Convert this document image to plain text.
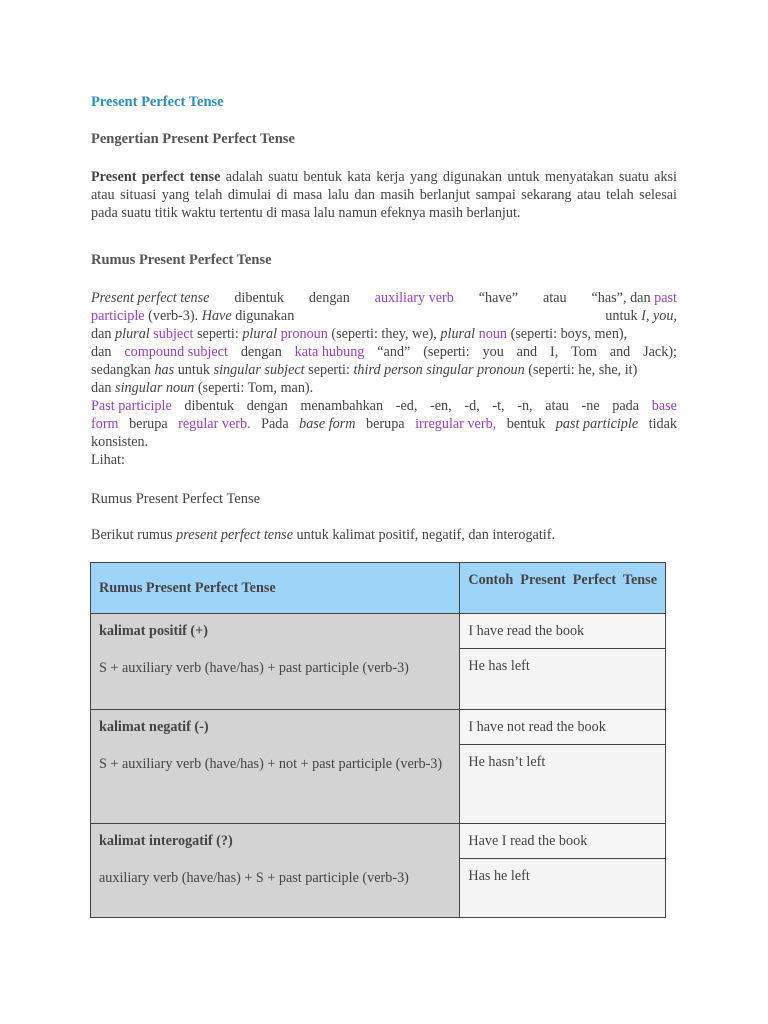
Present Perfect Tense
Pengertian Present Perfect Tense
Present perfect tense adalah suatu bentuk kata kerja yang digunakan untuk menyatakan suatu aksi atau situasi yang telah dimulai di masa lalu dan masih berlanjut sampai sekarang atau telah selesai pada suatu titik waktu tertentu di masa lalu namun efeknya masih berlanjut.
Rumus Present Perfect Tense
Present perfect tense dibentuk dengan auxiliary verb “have” atau “has”, dan past
participle (verb-3). Have digunakan	untuk I, you,
dan plural subject seperti: plural pronoun (seperti: they, we), plural noun (seperti: boys, men),
dan compound subject dengan kata hubung “and” (seperti: you and I, Tom and Jack);
sedangkan has untuk singular subject seperti: third person singular pronoun (seperti: he, she, it)
dan singular noun (seperti: Tom, man).
Past participle dibentuk dengan menambahkan -ed, -en, -d, -t, -n, atau -ne pada base
form berupa regular verb. Pada base form berupa irregular verb, bentuk past participle tidak
konsisten.
Lihat:
Rumus Present Perfect Tense
Berikut rumus present perfect tense untuk kalimat positif, negatif, dan interogatif.
Rumus Present Perfect Tense	Contoh Present Perfect Tense

kalimat positif (+)
S + auxiliary verb (have/has) + past participle (verb-3)	I have read the book
	He has left

kalimat negatif (-)
S + auxiliary verb (have/has) + not + past participle (verb-3)	I have not read the book
	He hasn’t left

kalimat interogatif (?)
auxiliary verb (have/has) + S + past participle (verb-3)	Have I read the book
	Has he left
